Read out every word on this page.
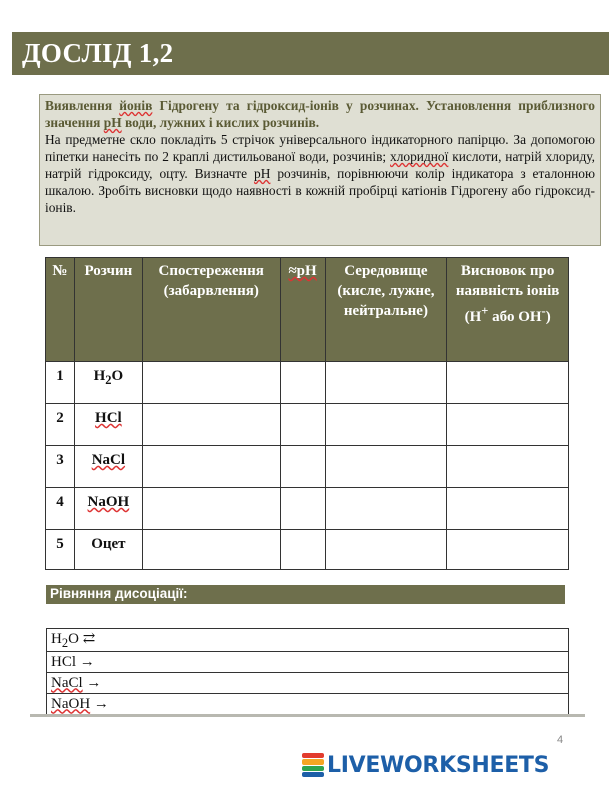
ДОСЛІД 1,2
Виявлення йонів Гідрогену та гідроксид-іонів у розчинах. Установлення приблизного значення pH води, лужних і кислих розчинів.
На предметне скло покладіть 5 стрічок універсального індикаторного папірцю. За допомогою піпетки нанесіть по 2 краплі дистильованої води, розчинів; хлоридної кислоти, натрій хлориду, натрій гідроксиду, оцту. Визначте pH розчинів, порівнюючи колір індикатора з еталонною шкалою. Зробіть висновки щодо наявності в кожній пробірці катіонів Гідрогену або гідроксид-іонів.
№	Розчин	Спостереження (забарвлення)	≈pH	Середовище (кисле, лужне, нейтральне)	Висновок про наявність іонів
(H+ або OH-)
1	$H_2O$				
2	HCl				
3	NaCl				
4	NaOH				
5	Оцет				
Рівняння дисоціації:
$H_2O$ ⇄
HCl →
NaCl →
NaOH →
4
LIVEWORKSHEETS
